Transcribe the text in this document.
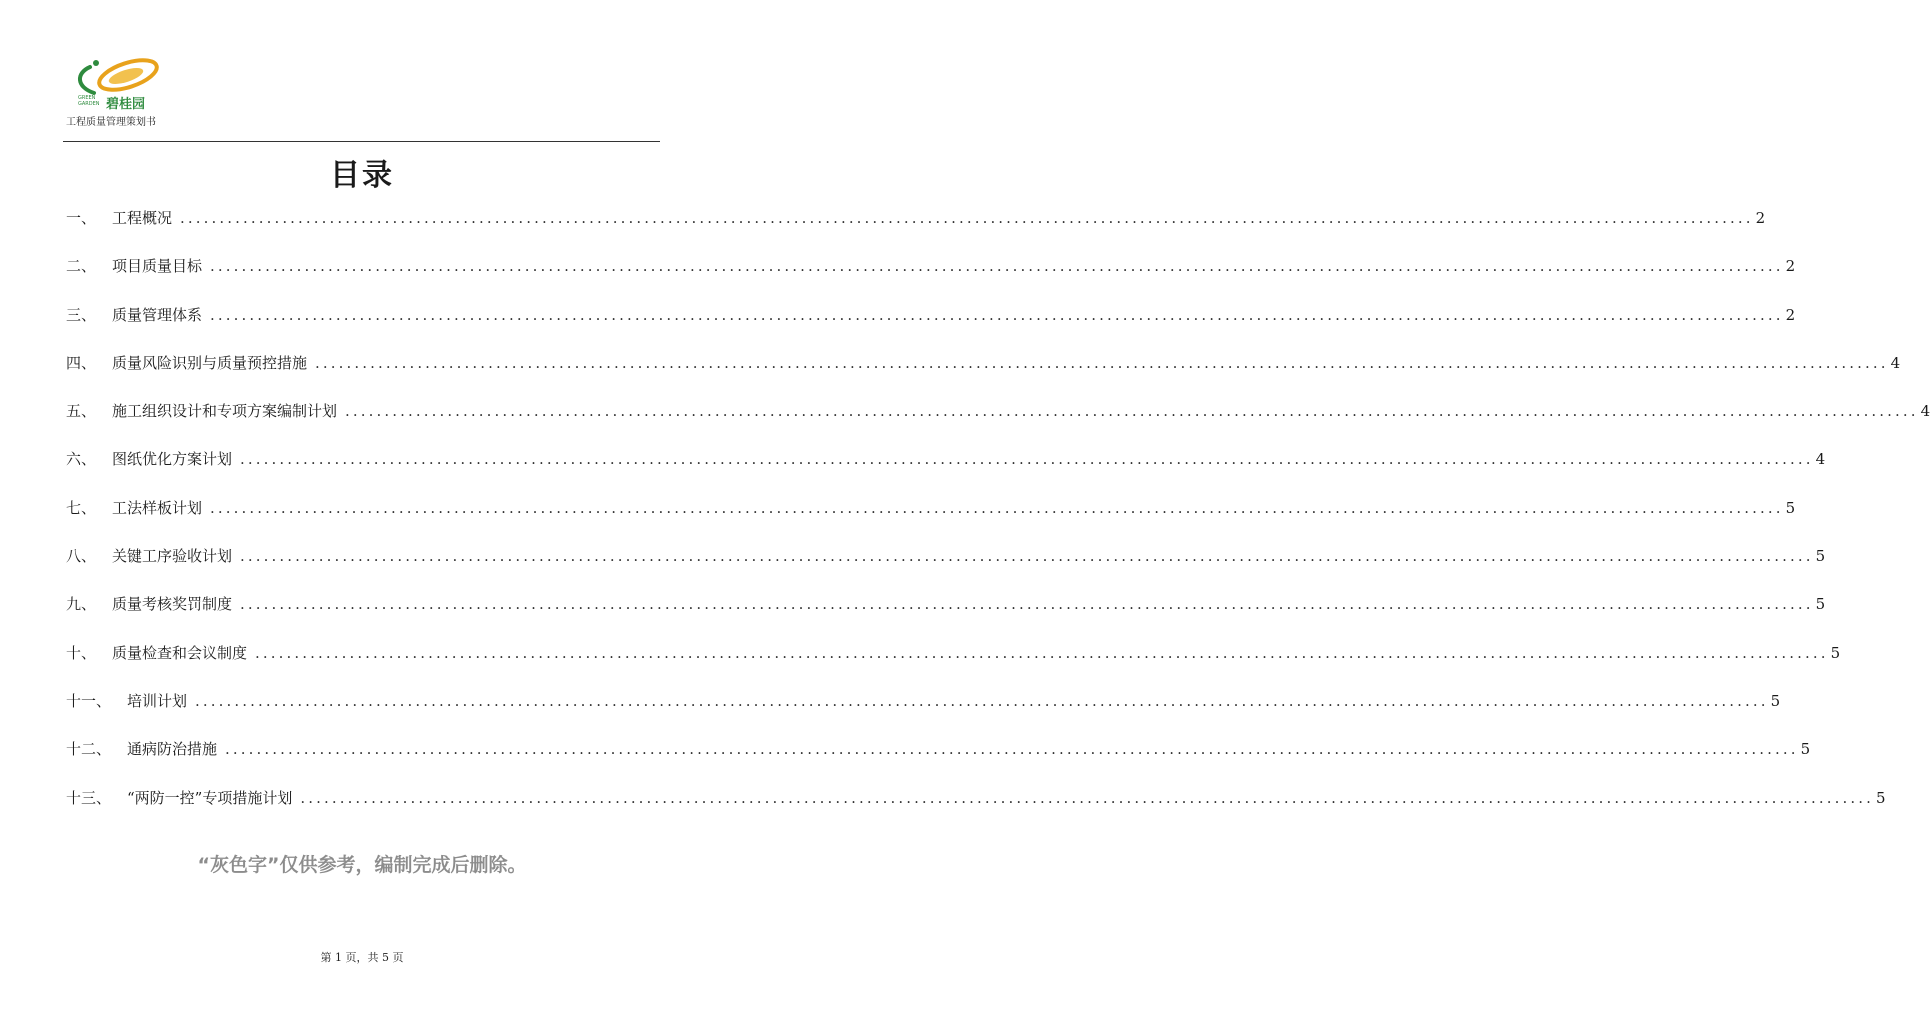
GREEN
GARDEN 碧桂园
工程质量管理策划书
目录
一、	工程概况 ........................................................................................................................................................................................................ 2
二、	项目质量目标 ........................................................................................................................................................................................................ 2
三、	质量管理体系 ........................................................................................................................................................................................................ 2
四、	质量风险识别与质量预控措施 ........................................................................................................................................................................................................ 4
五、	施工组织设计和专项方案编制计划 ........................................................................................................................................................................................................ 4
六、	图纸优化方案计划 ........................................................................................................................................................................................................ 4
七、	工法样板计划 ........................................................................................................................................................................................................ 5
八、	关键工序验收计划 ........................................................................................................................................................................................................ 5
九、	质量考核奖罚制度 ........................................................................................................................................................................................................ 5
十、	质量检查和会议制度 ........................................................................................................................................................................................................ 5
十一、	培训计划 ........................................................................................................................................................................................................ 5
十二、	通病防治措施 ........................................................................................................................................................................................................ 5
十三、	“两防一控”专项措施计划 ........................................................................................................................................................................................................ 5
“灰色字”仅供参考，编制完成后删除。
第 1 页，共 5 页
